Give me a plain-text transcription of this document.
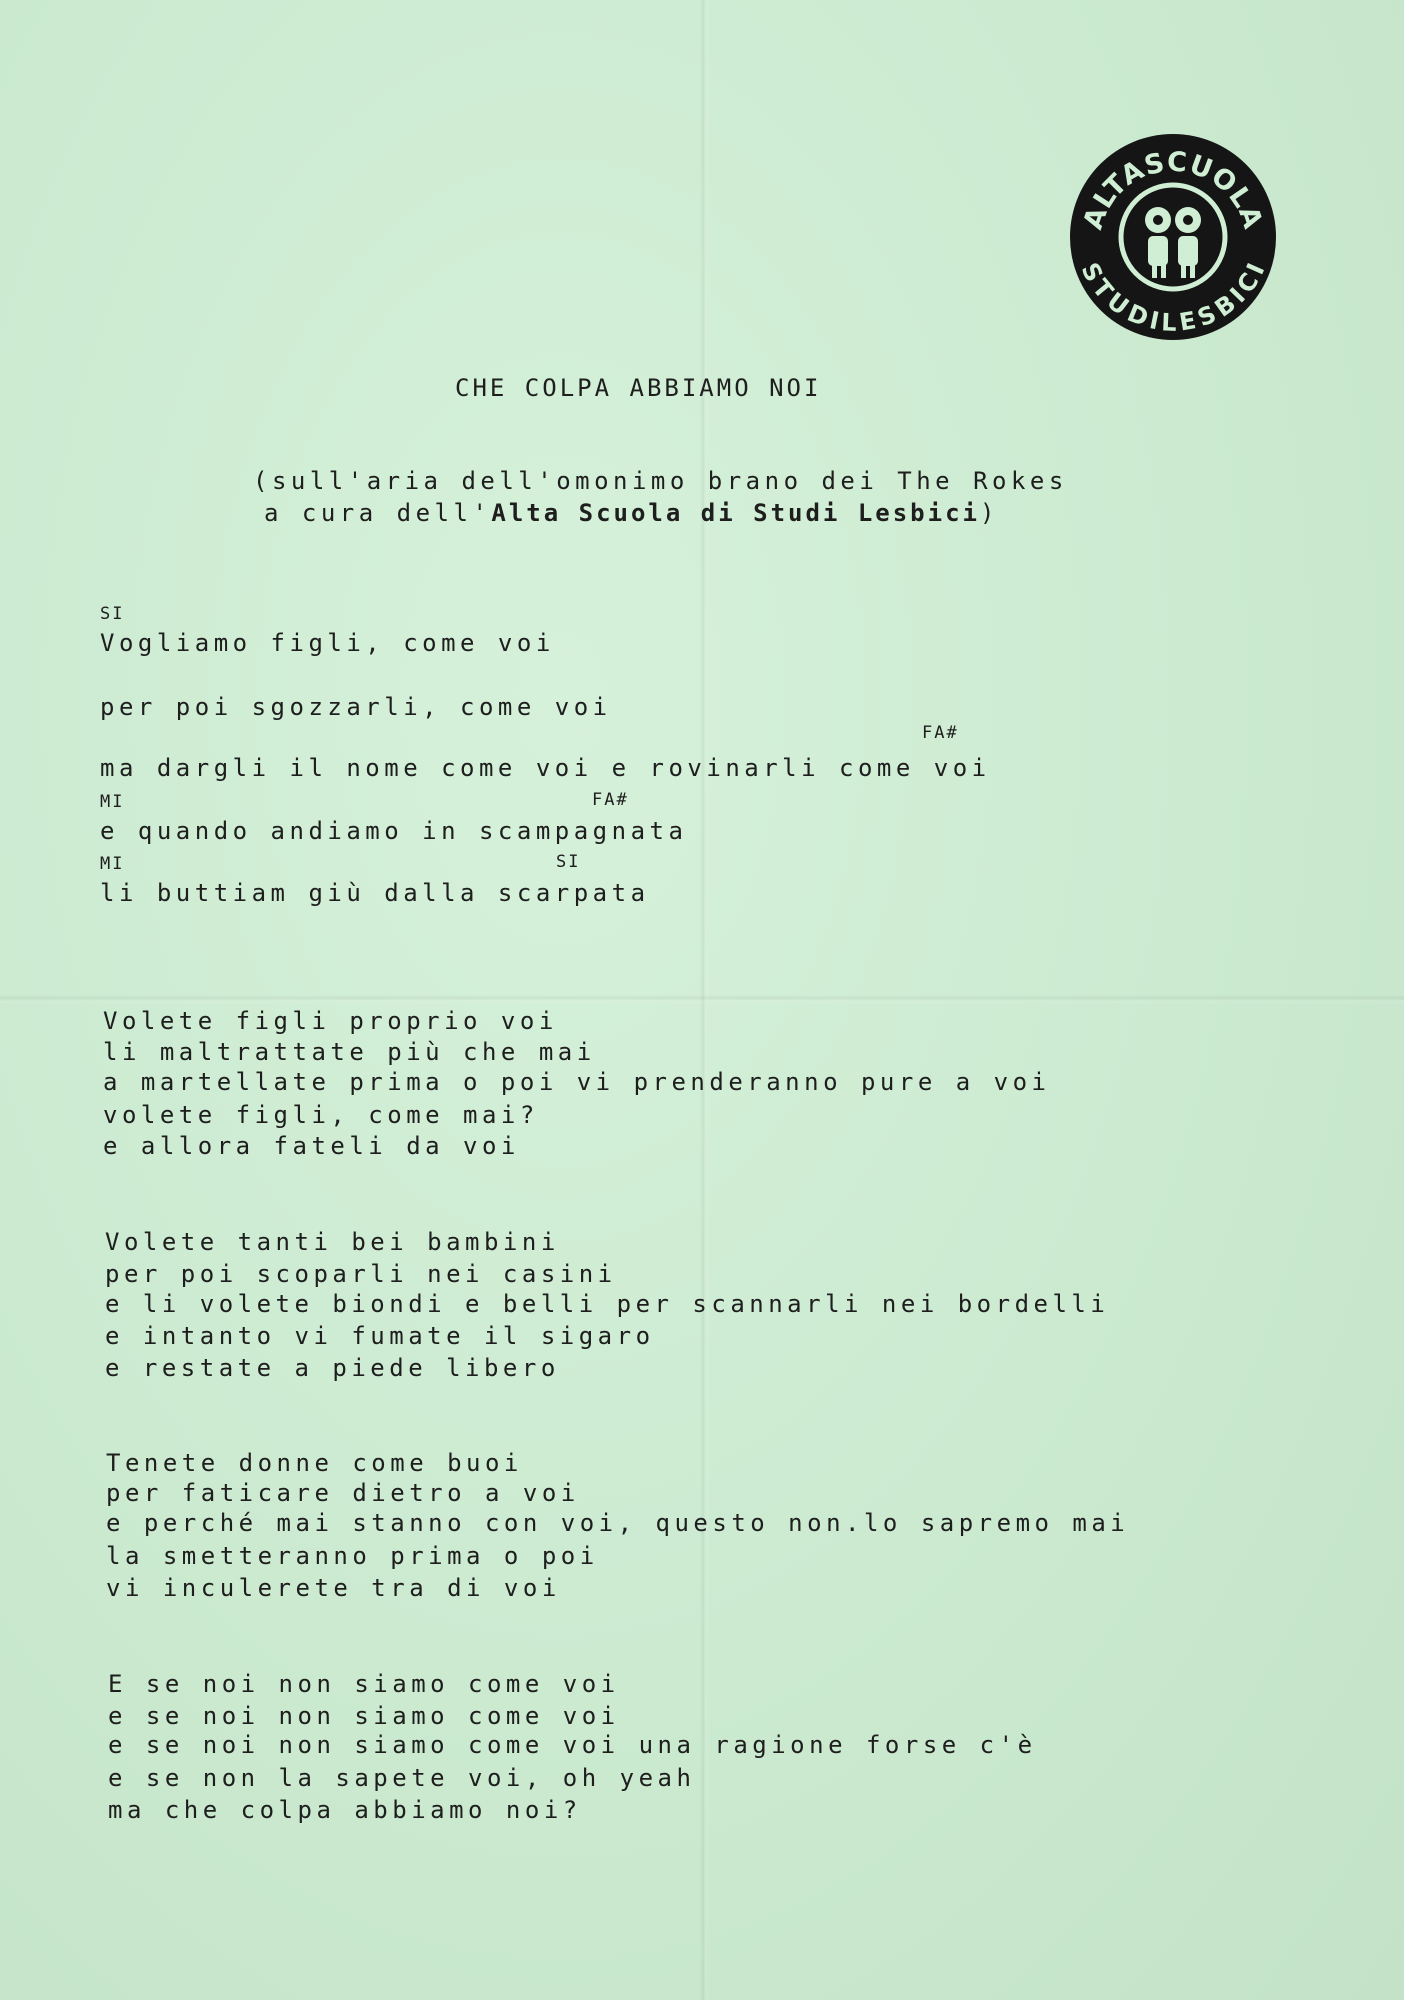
ALTASCUOLA
STUDILESBICI

CHE COLPA ABBIAMO NOI

(sull'aria dell'omonimo brano dei The Rokes

a cura dell'Alta Scuola di Studi Lesbici)

SI

Vogliamo figli, come voi

per poi sgozzarli, come voi

FA#

ma dargli il nome come voi e rovinarli come voi

MI	FA#

e quando andiamo in scampagnata

MI	SI

li buttiam giù dalla scarpata

Volete figli proprio voi

li maltrattate più che mai

a martellate prima o poi vi prenderanno pure a voi

volete figli, come mai?

e allora fateli da voi

Volete tanti bei bambini

per poi scoparli nei casini

e li volete biondi e belli per scannarli nei bordelli

e intanto vi fumate il sigaro

e restate a piede libero

Tenete donne come buoi

per faticare dietro a voi

e perché mai stanno con voi, questo non.lo sapremo mai

la smetteranno prima o poi

vi inculerete tra di voi

E se noi non siamo come voi

e se noi non siamo come voi

e se noi non siamo come voi una ragione forse c'è

e se non la sapete voi, oh yeah

ma che colpa abbiamo noi?
